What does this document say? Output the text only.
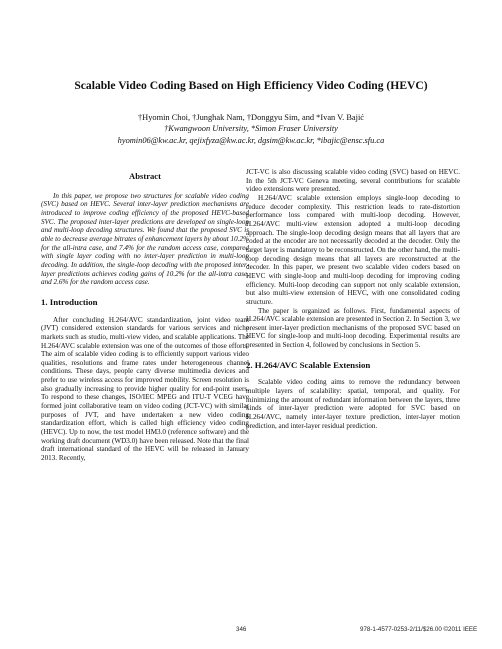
Scalable Video Coding Based on High Efficiency Video Coding (HEVC)
†Hyomin Choi, †Junghak Nam, †Donggyu Sim, and *Ivan V. Bajić
†Kwangwoon University, *Simon Fraser University
hyomin06@kw.ac.kr, qejixfyza@kw.ac.kr, dgsim@kw.ac.kr, *ibajic@ensc.sfu.ca
Abstract

In this paper, we propose two structures for scalable video coding (SVC) based on HEVC. Several inter-layer prediction mechanisms are introduced to improve coding efficiency of the proposed HEVC-based SVC. The proposed inter-layer predictions are developed on single-loop and multi-loop decoding structures. We found that the proposed SVC is able to decrease average bitrates of enhancement layers by about 10.2% for the all-intra case, and 7.4% for the random access case, compared with single layer coding with no inter-layer prediction in multi-loop decoding. In addition, the single-loop decoding with the proposed inter-layer predictions achieves coding gains of 10.2% for the all-intra case, and 2.6% for the random access case.

1. Introduction

After concluding H.264/AVC standardization, joint video team (JVT) considered extension standards for various services and niche markets such as studio, multi-view video, and scalable applications. The H.264/AVC scalable extension was one of the outcomes of those efforts. The aim of scalable video coding is to efficiently support various video qualities, resolutions and frame rates under heterogeneous channel conditions. These days, people carry diverse multimedia devices and prefer to use wireless access for improved mobility. Screen resolution is also gradually increasing to provide higher quality for end-point users. To respond to these changes, ISO/IEC MPEG and ITU-T VCEG have formed joint collaborative team on video coding (JCT-VC) with similar purposes of JVT, and have undertaken a new video coding standardization effort, which is called high efficiency video coding (HEVC). Up to now, the test model HM3.0 (reference software) and the working draft document (WD3.0) have been released. Note that the final draft international standard of the HEVC will be released in January 2013. Recently,

JCT-VC is also discussing scalable video coding (SVC) based on HEVC. In the 5th JCT-VC Geneva meeting, several contributions for scalable video extensions were presented.

H.264/AVC scalable extension employs single-loop decoding to reduce decoder complexity. This restriction leads to rate-distortion performance loss compared with multi-loop decoding. However, H.264/AVC multi-view extension adopted a multi-loop decoding approach. The single-loop decoding design means that all layers that are coded at the encoder are not necessarily decoded at the decoder. Only the target layer is mandatory to be reconstructed. On the other hand, the multi-loop decoding design means that all layers are reconstructed at the decoder. In this paper, we present two scalable video coders based on HEVC with single-loop and multi-loop decoding for improving coding efficiency. Multi-loop decoding can support not only scalable extension, but also multi-view extension of HEVC, with one consolidated coding structure.

The paper is organized as follows. First, fundamental aspects of H.264/AVC scalable extension are presented in Section 2. In Section 3, we present inter-layer prediction mechanisms of the proposed SVC based on HEVC for single-loop and multi-loop decoding. Experimental results are presented in Section 4, followed by conclusions in Section 5.

2. H.264/AVC Scalable Extension

Scalable video coding aims to remove the redundancy between multiple layers of scalability: spatial, temporal, and quality. For minimizing the amount of redundant information between the layers, three kinds of inter-layer prediction were adopted for SVC based on H.264/AVC, namely inter-layer texture prediction, inter-layer motion prediction, and inter-layer residual prediction.

346	978-1-4577-0253-2/11/$26.00 ©2011 IEEE
